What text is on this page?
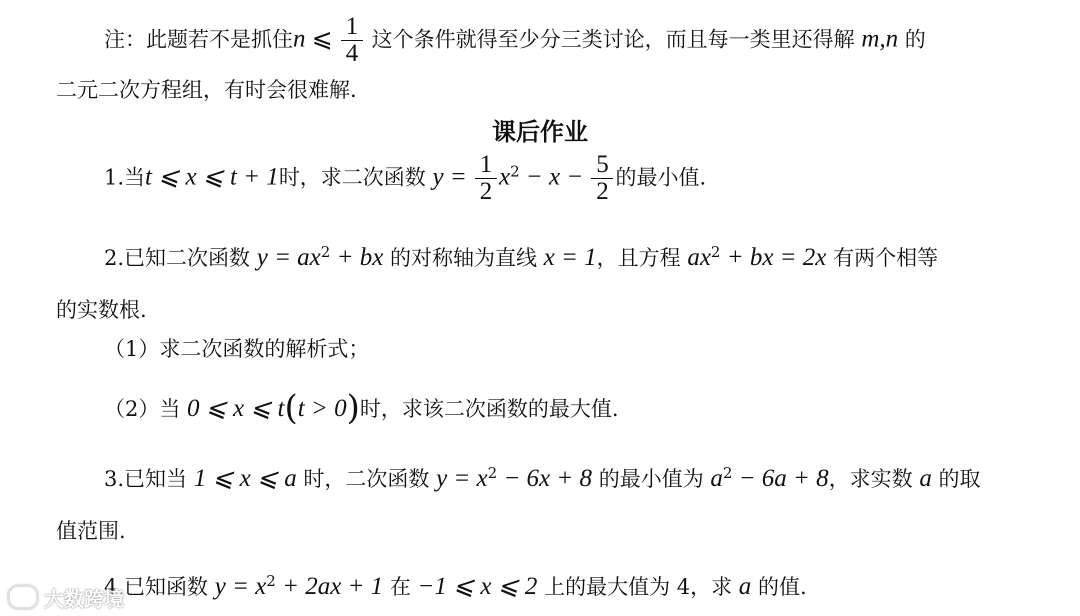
注：此题若不是抓住n ⩽ $\frac{1}{4}$ 这个条件就得至少分三类讨论，而且每一类里还得解 m,n 的
二元二次方程组，有时会很难解.
课后作业
1.当t ⩽ x ⩽ t + 1时，求二次函数 $y = \frac{1}{2} x^2 - x - \frac{5}{2}$ 的最小值.
2.已知二次函数 $y = ax^2$ + bx 的对称轴为直线 x = 1，且方程 $ax^2$ + bx = 2x 有两个相等
的实数根.
（1）求二次函数的解析式；
（2）当 0 ⩽ x ⩽ t(t > 0)时，求该二次函数的最大值.
3.已知当 1 ⩽ x ⩽ a 时，二次函数 $y = x^2 - 6x + 8$ 的最小值为 $a^2 - 6a + 8$，求实数 a 的取
值范围.
4.已知函数 $y = x^2 + 2ax + 1$ 在 −1 ⩽ x ⩽ 2 上的最大值为 4，求 a 的值.
大数跨境
